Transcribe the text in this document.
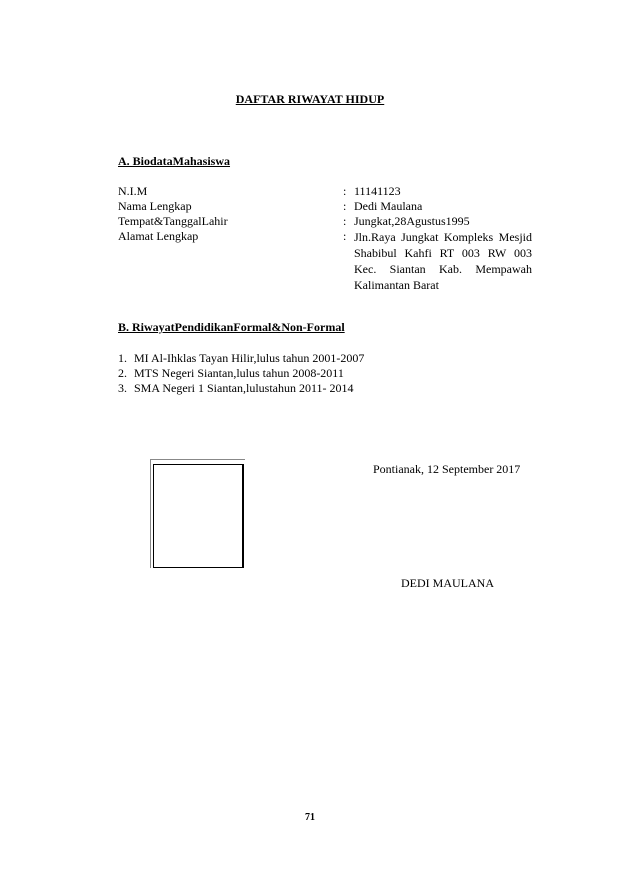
DAFTAR RIWAYAT HIDUP
A. BiodataMahasiswa
N.I.M	: 11141123
Nama Lengkap	: Dedi Maulana
Tempat&TanggalLahir	: Jungkat,28Agustus1995
Alamat Lengkap	: Jln.Raya Jungkat Kompleks Mesjid Shabibul Kahfi RT 003 RW 003 Kec. Siantan Kab. Mempawah Kalimantan Barat
B. RiwayatPendidikanFormal&Non-Formal
1. MI Al-Ihklas Tayan Hilir,lulus tahun 2001-2007
2. MTS Negeri Siantan,lulus tahun 2008-2011
3. SMA Negeri 1 Siantan,lulustahun 2011- 2014
Pontianak, 12 September 2017
DEDI MAULANA
71
